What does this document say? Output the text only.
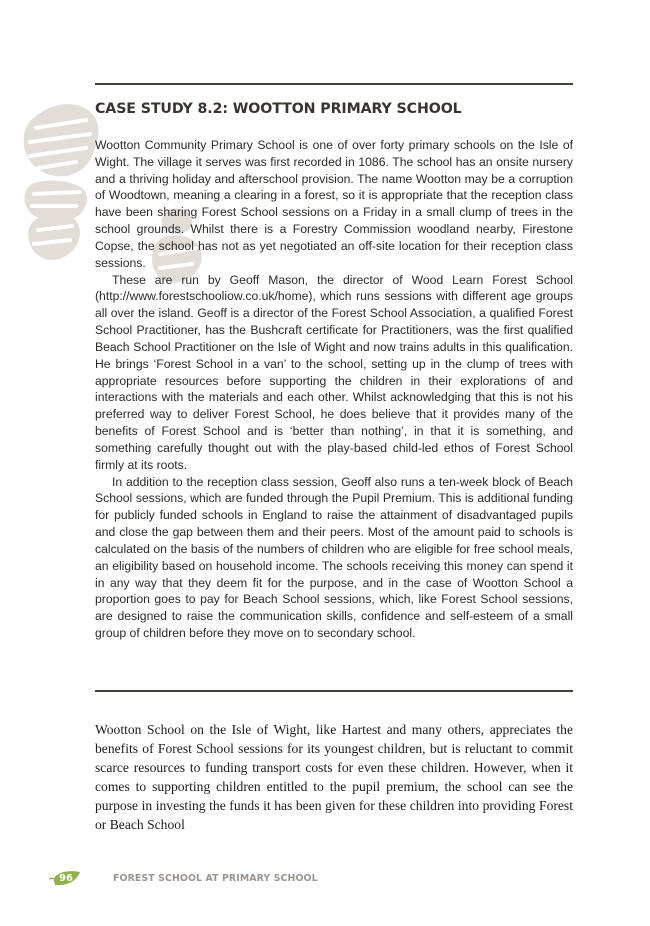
CASE STUDY 8.2: WOOTTON PRIMARY SCHOOL

Wootton Community Primary School is one of over forty primary schools on the Isle of Wight. The village it serves was first recorded in 1086. The school has an onsite nursery and a thriving holiday and afterschool provision. The name Wootton may be a corruption of Woodtown, meaning a clearing in a forest, so it is appropriate that the reception class have been sharing Forest School sessions on a Friday in a small clump of trees in the school grounds. Whilst there is a Forestry Commission woodland nearby, Firestone Copse, the school has not as yet negotiated an off-site location for their reception class sessions.

These are run by Geoff Mason, the director of Wood Learn Forest School (http://www.forestschooliow.co.uk/home), which runs sessions with different age groups all over the island. Geoff is a director of the Forest School Association, a qualified Forest School Practitioner, has the Bushcraft certificate for Practitioners, was the first qualified Beach School Practitioner on the Isle of Wight and now trains adults in this qualification. He brings ‘Forest School in a van’ to the school, setting up in the clump of trees with appropriate resources before supporting the children in their explorations of and interactions with the materials and each other. Whilst acknowledging that this is not his preferred way to deliver Forest School, he does believe that it provides many of the benefits of Forest School and is ‘better than nothing’, in that it is something, and something carefully thought out with the play-based child-led ethos of Forest School firmly at its roots.

In addition to the reception class session, Geoff also runs a ten-week block of Beach School sessions, which are funded through the Pupil Premium. This is additional funding for publicly funded schools in England to raise the attainment of disadvantaged pupils and close the gap between them and their peers. Most of the amount paid to schools is calculated on the basis of the numbers of children who are eligible for free school meals, an eligibility based on household income. The schools receiving this money can spend it in any way that they deem fit for the purpose, and in the case of Wootton School a proportion goes to pay for Beach School sessions, which, like Forest School sessions, are designed to raise the communication skills, confidence and self-esteem of a small group of children before they move on to secondary school.

Wootton School on the Isle of Wight, like Hartest and many others, appreciates the benefits of Forest School sessions for its youngest children, but is reluctant to commit scarce resources to funding transport costs for even these children. However, when it comes to supporting children entitled to the pupil premium, the school can see the purpose in investing the funds it has been given for these children into providing Forest or Beach School

96	FOREST SCHOOL AT PRIMARY SCHOOL
